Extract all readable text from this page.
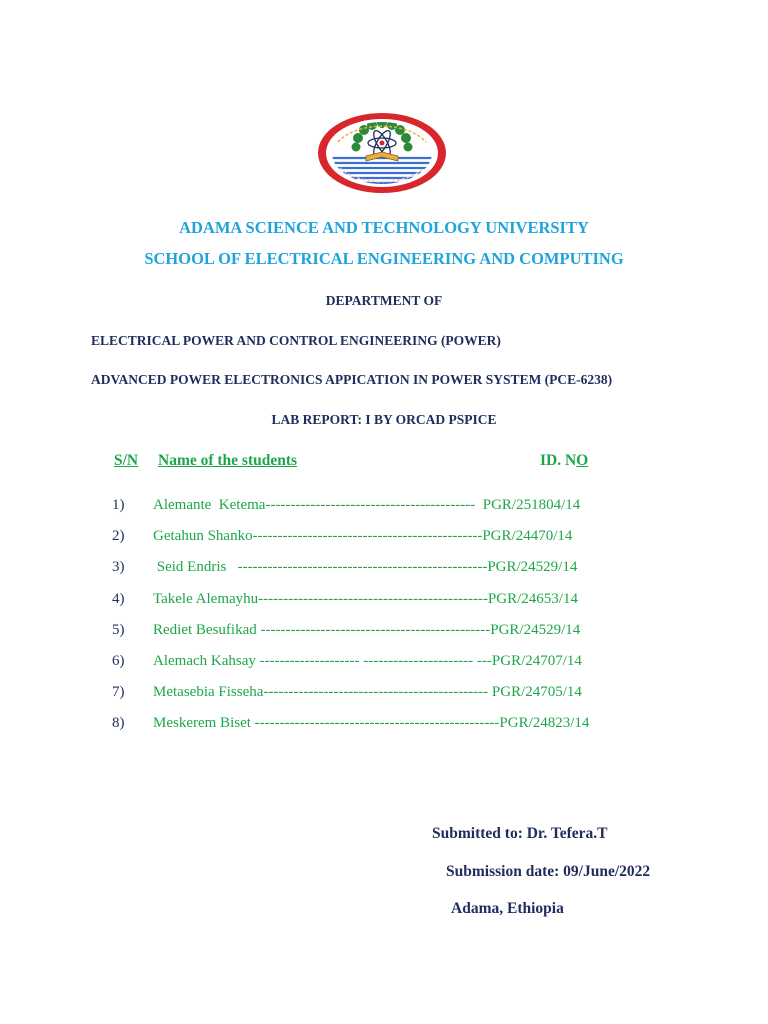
ADAMA SCIENCE AND TECHNOLOGY UNIVERSITY
SCHOOL OF ELECTRICAL ENGINEERING AND COMPUTING
DEPARTMENT OF
ELECTRICAL POWER AND CONTROL ENGINEERING (POWER)
ADVANCED POWER ELECTRONICS APPICATION IN POWER SYSTEM (PCE-6238)
LAB REPORT: I BY ORCAD PSPICE
S/N Name of the students	ID. NO
1) Alemante  Ketema------------------------------------------  PGR/251804/14
2) Getahun Shanko----------------------------------------------PGR/24470/14
3) Seid Endris   --------------------------------------------------PGR/24529/14
4) Takele Alemayhu----------------------------------------------PGR/24653/14
5) Rediet Besufikad ----------------------------------------------PGR/24529/14
6) Alemach Kahsay -------------------- ---------------------- ---PGR/24707/14
7) Metasebia Fisseha--------------------------------------------- PGR/24705/14
8) Meskerem Biset -------------------------------------------------PGR/24823/14
Submitted to: Dr. Tefera.T
Submission date: 09/June/2022
Adama, Ethiopia
